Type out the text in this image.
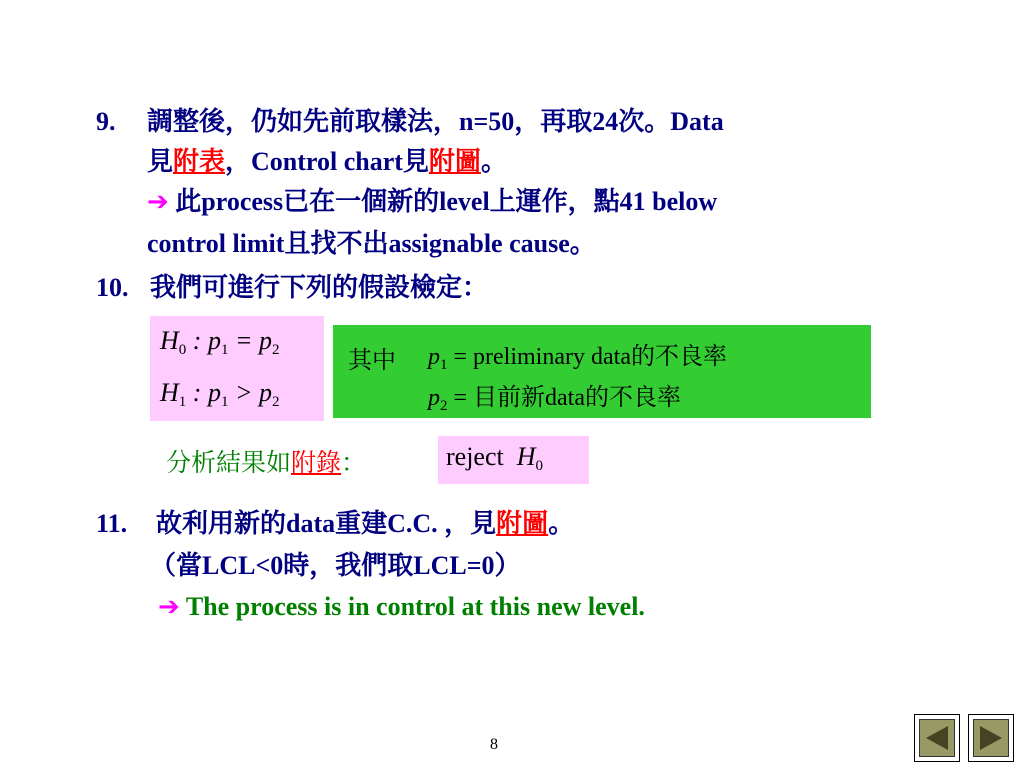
9. 調整後，仍如先前取樣法，n=50，再取24次。Data
見附表，Control chart見附圖。
➔ 此process已在一個新的level上運作，點41 below
control limit且找不出assignable cause。
10. 我們可進行下列的假設檢定：
$H_0$ : $p_1 = p_2$
$H_1$ : $p_1 > p_2$
其中 $p_1$ = preliminary data的不良率
$p_2$ = 目前新data的不良率
分析結果如附錄：	reject $H_0$
11. 故利用新的data重建C.C. ，見附圖。
（當LCL<0時，我們取LCL=0）
➔ The process is in control at this new level.
8
